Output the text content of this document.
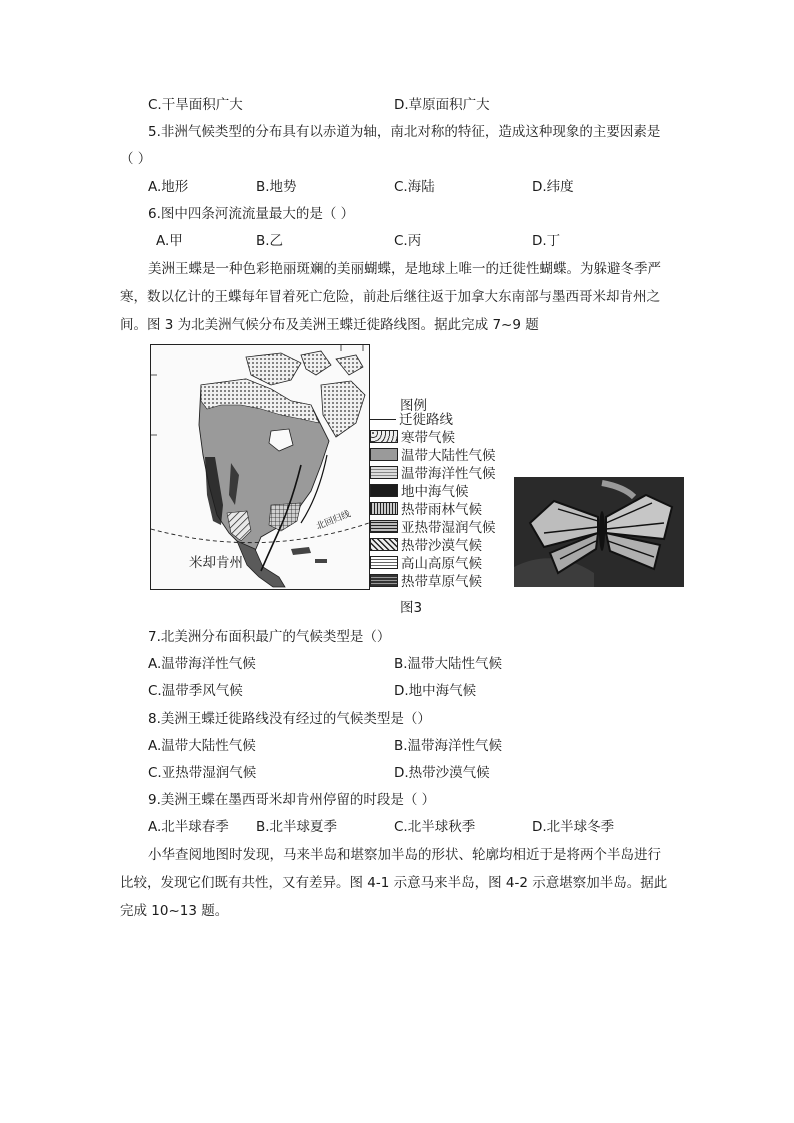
C.干旱面积广大	D.草原面积广大
5.非洲气候类型的分布具有以赤道为轴，南北对称的特征，造成这种现象的主要因素是
（ ）
A.地形	B.地势	C.海陆	D.纬度
6.图中四条河流流量最大的是（ ）
A.甲	B.乙	C.丙	D.丁
美洲王蝶是一种色彩艳丽斑斓的美丽蝴蝶，是地球上唯一的迁徙性蝴蝶。为躲避冬季严
寒，数以亿计的王蝶每年冒着死亡危险，前赴后继往返于加拿大东南部与墨西哥米却肯州之
间。图 3 为北美洲气候分布及美洲王蝶迁徙路线图。据此完成 7~9 题
北回归线
米却肯州
图例
迁徙路线
寒带气候
温带大陆性气候
温带海洋性气候
地中海气候
热带雨林气候
亚热带湿润气候
热带沙漠气候
高山高原气候
热带草原气候
图3
7.北美洲分布面积最广的气候类型是（）
A.温带海洋性气候	B.温带大陆性气候
C.温带季风气候	D.地中海气候
8.美洲王蝶迁徙路线没有经过的气候类型是（）
A.温带大陆性气候	B.温带海洋性气候
C.亚热带湿润气候	D.热带沙漠气候
9.美洲王蝶在墨西哥米却肯州停留的时段是（ ）
A.北半球春季 B.北半球夏季	C.北半球秋季	D.北半球冬季
小华查阅地图时发现，马来半岛和堪察加半岛的形状、轮廓均相近于是将两个半岛进行
比较，发现它们既有共性，又有差异。图 4-1 示意马来半岛，图 4-2 示意堪察加半岛。据此
完成 10~13 题。
